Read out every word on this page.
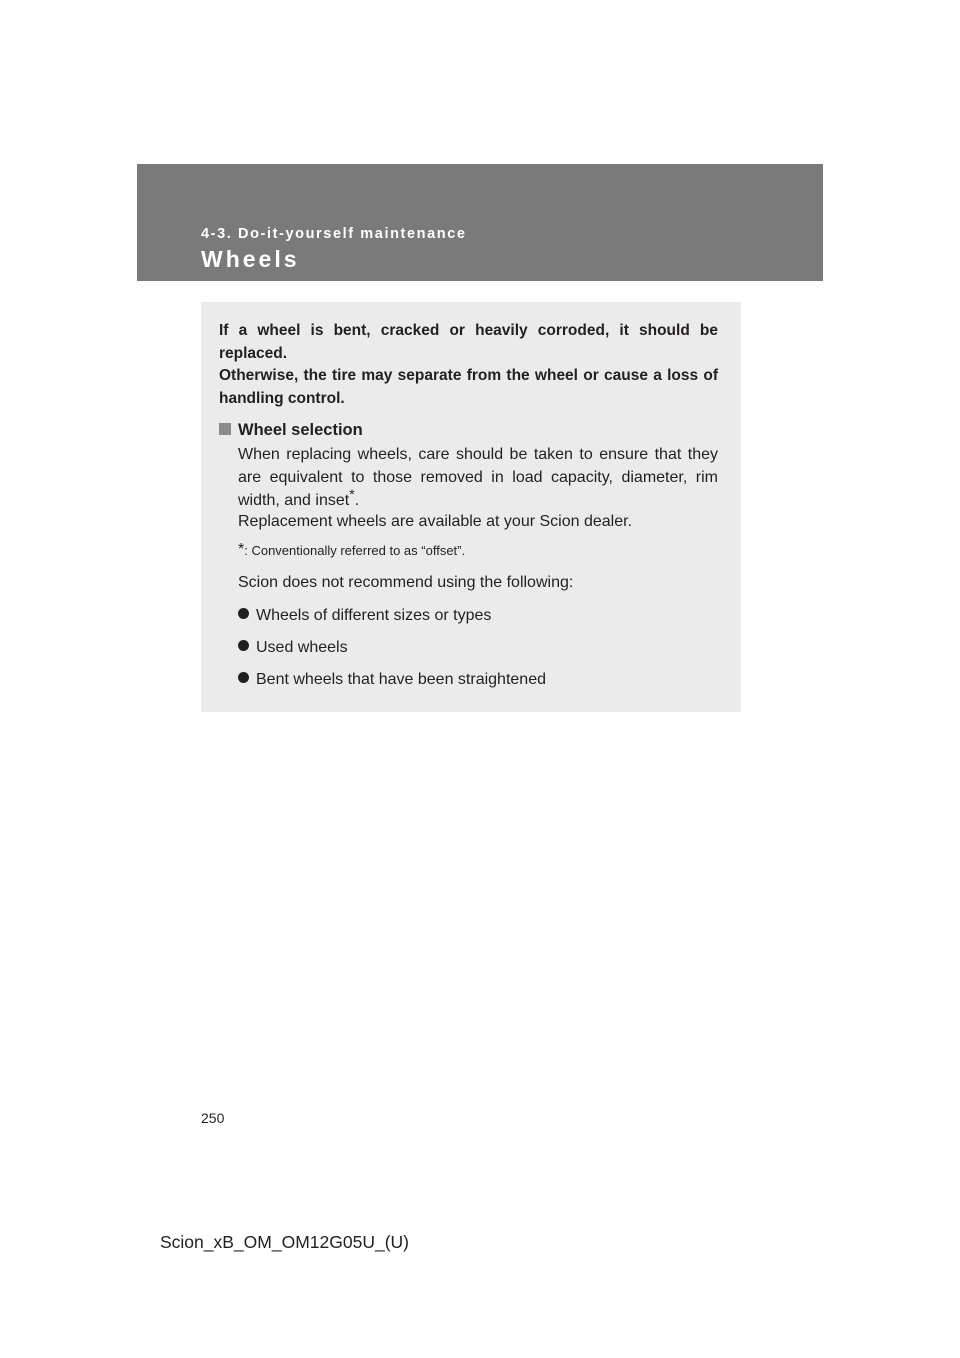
4-3. Do-it-yourself maintenance
Wheels

If a wheel is bent, cracked or heavily corroded, it should be replaced.
Otherwise, the tire may separate from the wheel or cause a loss of handling control.

Wheel selection

When replacing wheels, care should be taken to ensure that they are equivalent to those removed in load capacity, diameter, rim width, and inset*.

Replacement wheels are available at your Scion dealer.

*: Conventionally referred to as “offset”.
Scion does not recommend using the following:
Wheels of different sizes or types
Used wheels
Bent wheels that have been straightened
250
Scion_xB_OM_OM12G05U_(U)
